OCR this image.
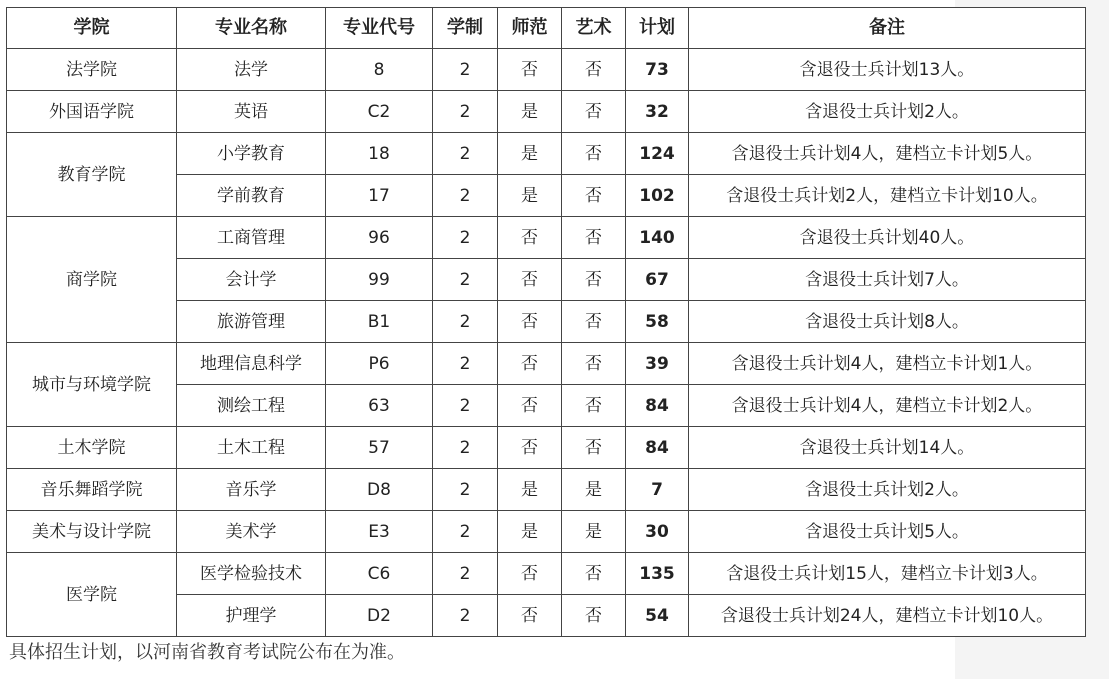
学院	专业名称	专业代号	学制	师范	艺术	计划	备注
法学院	法学	8	2	否	否	73	含退役士兵计划13人。
外国语学院	英语	C2	2	是	否	32	含退役士兵计划2人。
教育学院	小学教育	18	2	是	否	124	含退役士兵计划4人，建档立卡计划5人。
	学前教育	17	2	是	否	102	含退役士兵计划2人，建档立卡计划10人。
商学院	工商管理	96	2	否	否	140	含退役士兵计划40人。
	会计学	99	2	否	否	67	含退役士兵计划7人。
	旅游管理	B1	2	否	否	58	含退役士兵计划8人。
城市与环境学院	地理信息科学	P6	2	否	否	39	含退役士兵计划4人，建档立卡计划1人。
	测绘工程	63	2	否	否	84	含退役士兵计划4人，建档立卡计划2人。
土木学院	土木工程	57	2	否	否	84	含退役士兵计划14人。
音乐舞蹈学院	音乐学	D8	2	是	是	7	含退役士兵计划2人。
美术与设计学院	美术学	E3	2	是	是	30	含退役士兵计划5人。
医学院	医学检验技术	C6	2	否	否	135	含退役士兵计划15人，建档立卡计划3人。
	护理学	D2	2	否	否	54	含退役士兵计划24人，建档立卡计划10人。
具体招生计划，以河南省教育考试院公布在为准。
